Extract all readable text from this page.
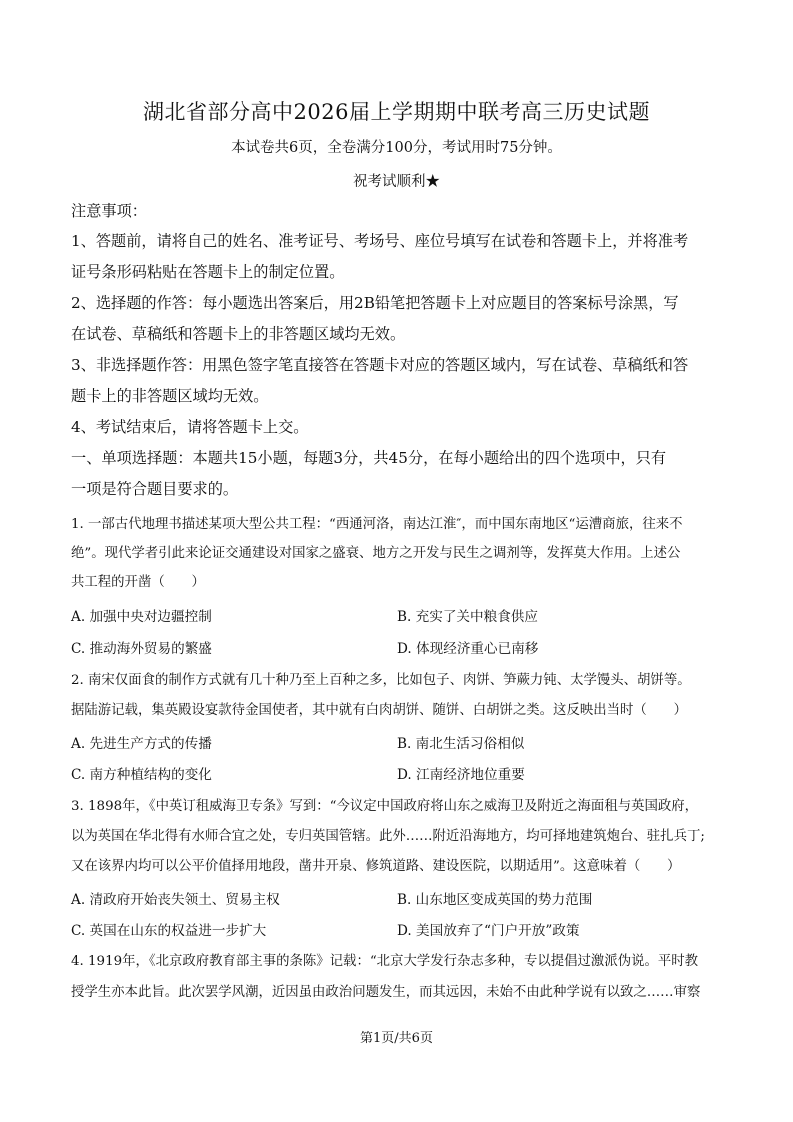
湖北省部分高中2026届上学期期中联考高三历史试题
本试卷共6页，全卷满分100分，考试用时75分钟。
祝考试顺利★
注意事项：
1、答题前，请将自己的姓名、准考证号、考场号、座位号填写在试卷和答题卡上，并将准考
证号条形码粘贴在答题卡上的制定位置。
2、选择题的作答：每小题选出答案后，用2B铅笔把答题卡上对应题目的答案标号涂黑，写
在试卷、草稿纸和答题卡上的非答题区域均无效。
3、非选择题作答：用黑色签字笔直接答在答题卡对应的答题区域内，写在试卷、草稿纸和答
题卡上的非答题区域均无效。
4、考试结束后，请将答题卡上交。
一、单项选择题：本题共15小题，每题3分，共45分，在每小题给出的四个选项中，只有
一项是符合题目要求的。
1. 一部古代地理书描述某项大型公共工程：“西通河洛，南达江淮″，而中国东南地区“运漕商旅，往来不
绝”。现代学者引此来论证交通建设对国家之盛衰、地方之开发与民生之调剂等，发挥莫大作用。上述公
共工程的开凿（　　）
A. 加强中央对边疆控制	B. 充实了关中粮食供应
C. 推动海外贸易的繁盛	D. 体现经济重心已南移
2. 南宋仅面食的制作方式就有几十种乃至上百种之多，比如包子、肉饼、笋蕨力钝、太学馒头、胡饼等。
据陆游记载，集英殿设宴款待金国使者，其中就有白肉胡饼、随饼、白胡饼之类。这反映出当时（　　）
A. 先进生产方式的传播	B. 南北生活习俗相似
C. 南方种植结构的变化	D. 江南经济地位重要
3. 1898年，《中英订租威海卫专条》写到：“今议定中国政府将山东之威海卫及附近之海面租与英国政府，
以为英国在华北得有水师合宜之处，专归英国管辖。此外……附近沿海地方，均可择地建筑炮台、驻扎兵丁;
又在该界内均可以公平价值择用地段，凿井开泉、修筑道路、建设医院，以期适用”。这意味着（　　）
A. 清政府开始丧失领土、贸易主权	B. 山东地区变成英国的势力范围
C. 英国在山东的权益进一步扩大	D. 美国放弃了“门户开放”政策
4. 1919年，《北京政府教育部主事的条陈》记载：“北京大学发行杂志多种，专以提倡过激派伪说。平时教
授学生亦本此旨。此次罢学风潮，近因虽由政治问题发生，而其远因，未始不由此种学说有以致之……审察
第1页/共6页
